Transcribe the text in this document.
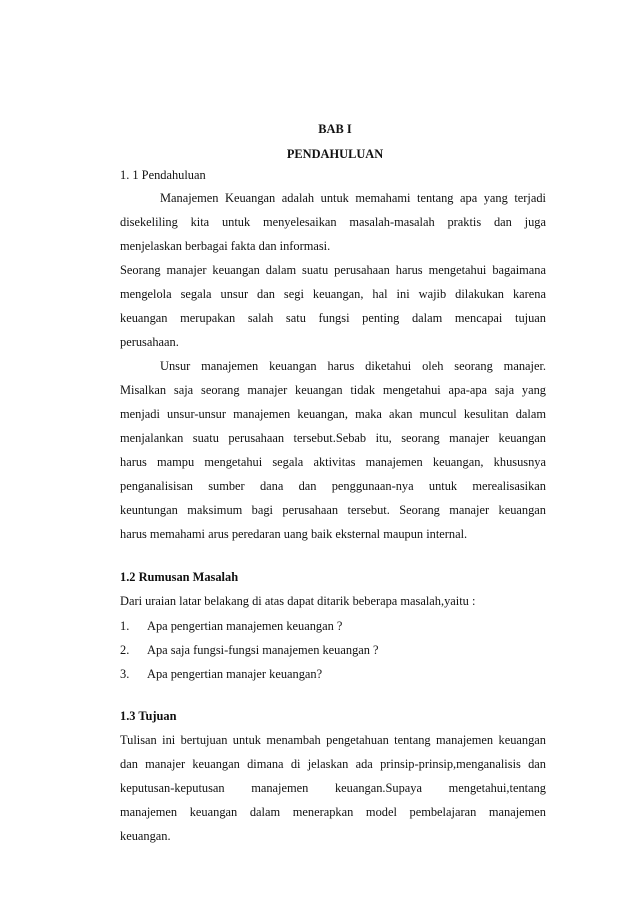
BAB I
PENDAHULUAN
1. 1 Pendahuluan
Manajemen Keuangan adalah untuk memahami tentang apa yang terjadi
disekeliling kita untuk menyelesaikan masalah-masalah praktis dan juga
menjelaskan berbagai fakta dan informasi.
Seorang manajer keuangan dalam suatu perusahaan harus mengetahui bagaimana
mengelola segala unsur dan segi keuangan, hal ini wajib dilakukan karena
keuangan merupakan salah satu fungsi penting dalam mencapai tujuan
perusahaan.
Unsur manajemen keuangan harus diketahui oleh seorang manajer.
Misalkan saja seorang manajer keuangan tidak mengetahui apa-apa saja yang
menjadi unsur-unsur manajemen keuangan, maka akan muncul kesulitan dalam
menjalankan suatu perusahaan tersebut.Sebab itu, seorang manajer keuangan
harus mampu mengetahui segala aktivitas manajemen keuangan, khususnya
penganalisisan sumber dana dan penggunaan-nya untuk merealisasikan
keuntungan maksimum bagi perusahaan tersebut. Seorang manajer keuangan
harus memahami arus peredaran uang baik eksternal maupun internal.
1.2 Rumusan Masalah
Dari uraian latar belakang di atas dapat ditarik beberapa masalah,yaitu :
1. Apa pengertian manajemen keuangan ?
2. Apa saja fungsi-fungsi manajemen keuangan ?
3. Apa pengertian manajer keuangan?
1.3 Tujuan
Tulisan ini bertujuan untuk menambah pengetahuan tentang manajemen keuangan
dan manajer keuangan dimana di jelaskan ada prinsip-prinsip,menganalisis dan
keputusan-keputusan manajemen keuangan.Supaya mengetahui,tentang
manajemen keuangan dalam menerapkan model pembelajaran manajemen
keuangan.
